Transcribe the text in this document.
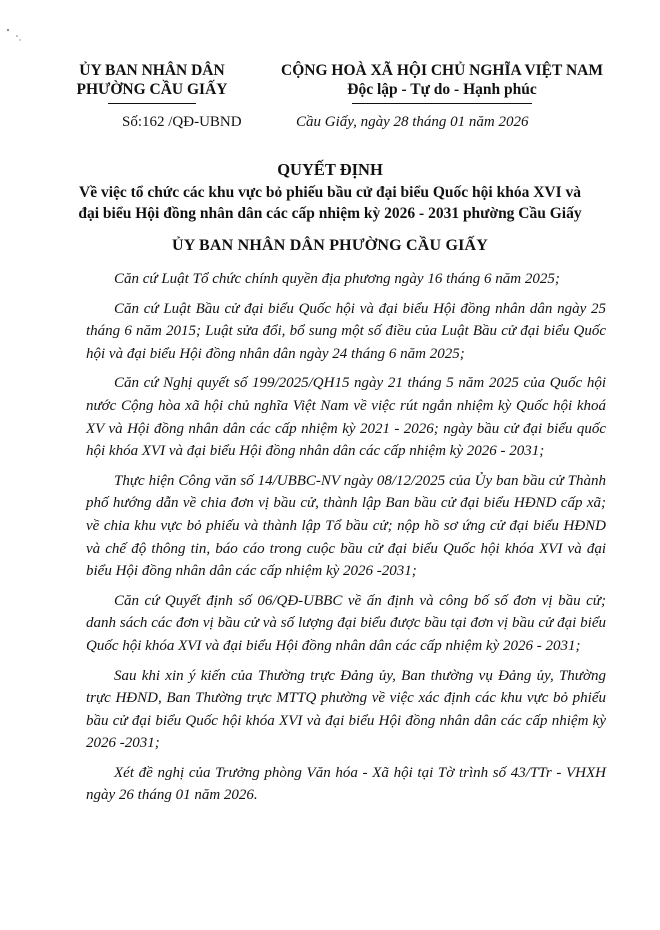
ỦY BAN NHÂN DÂN
PHƯỜNG CẦU GIẤY
Số:162 /QĐ-UBND
CỘNG HOÀ XÃ HỘI CHỦ NGHĨA VIỆT NAM
Độc lập - Tự do - Hạnh phúc
Cầu Giấy, ngày 28 tháng 01 năm 2026
QUYẾT ĐỊNH
Về việc tổ chức các khu vực bỏ phiếu bầu cử đại biểu Quốc hội khóa XVI và
đại biểu Hội đồng nhân dân các cấp nhiệm kỳ 2026 - 2031 phường Cầu Giấy
ỦY BAN NHÂN DÂN PHƯỜNG CẦU GIẤY

Căn cứ Luật Tổ chức chính quyền địa phương ngày 16 tháng 6 năm 2025;

Căn cứ Luật Bầu cử đại biểu Quốc hội và đại biểu Hội đồng nhân dân ngày 25 tháng 6 năm 2015; Luật sửa đổi, bổ sung một số điều của Luật Bầu cử đại biểu Quốc hội và đại biểu Hội đồng nhân dân ngày 24 tháng 6 năm 2025;

Căn cứ Nghị quyết số 199/2025/QH15 ngày 21 tháng 5 năm 2025 của Quốc hội nước Cộng hòa xã hội chủ nghĩa Việt Nam về việc rút ngắn nhiệm kỳ Quốc hội khoá XV và Hội đồng nhân dân các cấp nhiệm kỳ 2021 - 2026; ngày bầu cử đại biểu quốc hội khóa XVI và đại biểu Hội đồng nhân dân các cấp nhiệm kỳ 2026 - 2031;

Thực hiện Công văn số 14/UBBC-NV ngày 08/12/2025 của Ủy ban bầu cử Thành phố hướng dẫn về chia đơn vị bầu cử, thành lập Ban bầu cử đại biểu HĐND cấp xã; về chia khu vực bỏ phiếu và thành lập Tổ bầu cử; nộp hồ sơ ứng cử đại biểu HĐND và chế độ thông tin, báo cáo trong cuộc bầu cử đại biểu Quốc hội khóa XVI và đại biểu Hội đồng nhân dân các cấp nhiệm kỳ 2026 -2031;

Căn cứ Quyết định số 06/QĐ-UBBC về ấn định và công bố số đơn vị bầu cử; danh sách các đơn vị bầu cử và số lượng đại biểu được bầu tại đơn vị bầu cử đại biểu Quốc hội khóa XVI và đại biểu Hội đồng nhân dân các cấp nhiệm kỳ 2026 - 2031;

Sau khi xin ý kiến của Thường trực Đảng ủy, Ban thường vụ Đảng ủy, Thường trực HĐND, Ban Thường trực MTTQ phường về việc xác định các khu vực bỏ phiếu bầu cử đại biểu Quốc hội khóa XVI và đại biểu Hội đồng nhân dân các cấp nhiệm kỳ 2026 -2031;

Xét đề nghị của Trưởng phòng Văn hóa - Xã hội tại Tờ trình số 43/TTr - VHXH ngày 26 tháng 01 năm 2026.
